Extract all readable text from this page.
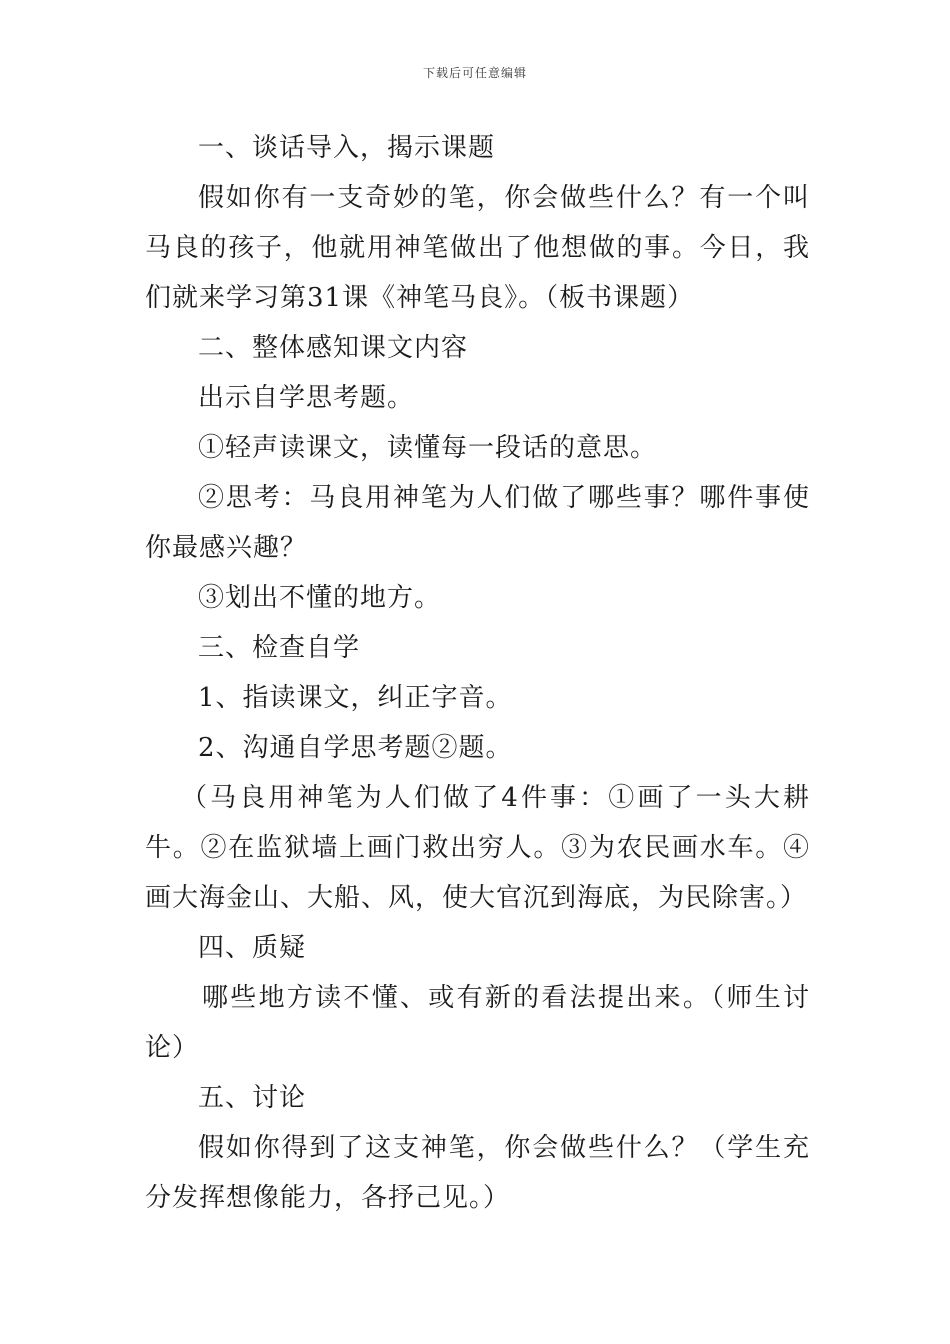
下载后可任意编辑

一、谈话导入，揭示课题

假如你有一支奇妙的笔，你会做些什么？有一个叫马良的孩子，他就用神笔做出了他想做的事。今日，我们就来学习第31课《神笔马良》。（板书课题）

二、整体感知课文内容

出示自学思考题。

①轻声读课文，读懂每一段话的意思。

②思考：马良用神笔为人们做了哪些事？哪件事使你最感兴趣？

③划出不懂的地方。

三、检查自学

1、指读课文，纠正字音。

2、沟通自学思考题②题。

（马良用神笔为人们做了4件事：①画了一头大耕牛。②在监狱墙上画门救出穷人。③为农民画水车。④画大海金山、大船、风，使大官沉到海底，为民除害。）

四、质疑

哪些地方读不懂、或有新的看法提出来。（师生讨论）

五、讨论

假如你得到了这支神笔，你会做些什么？（学生充分发挥想像能力，各抒己见。）
